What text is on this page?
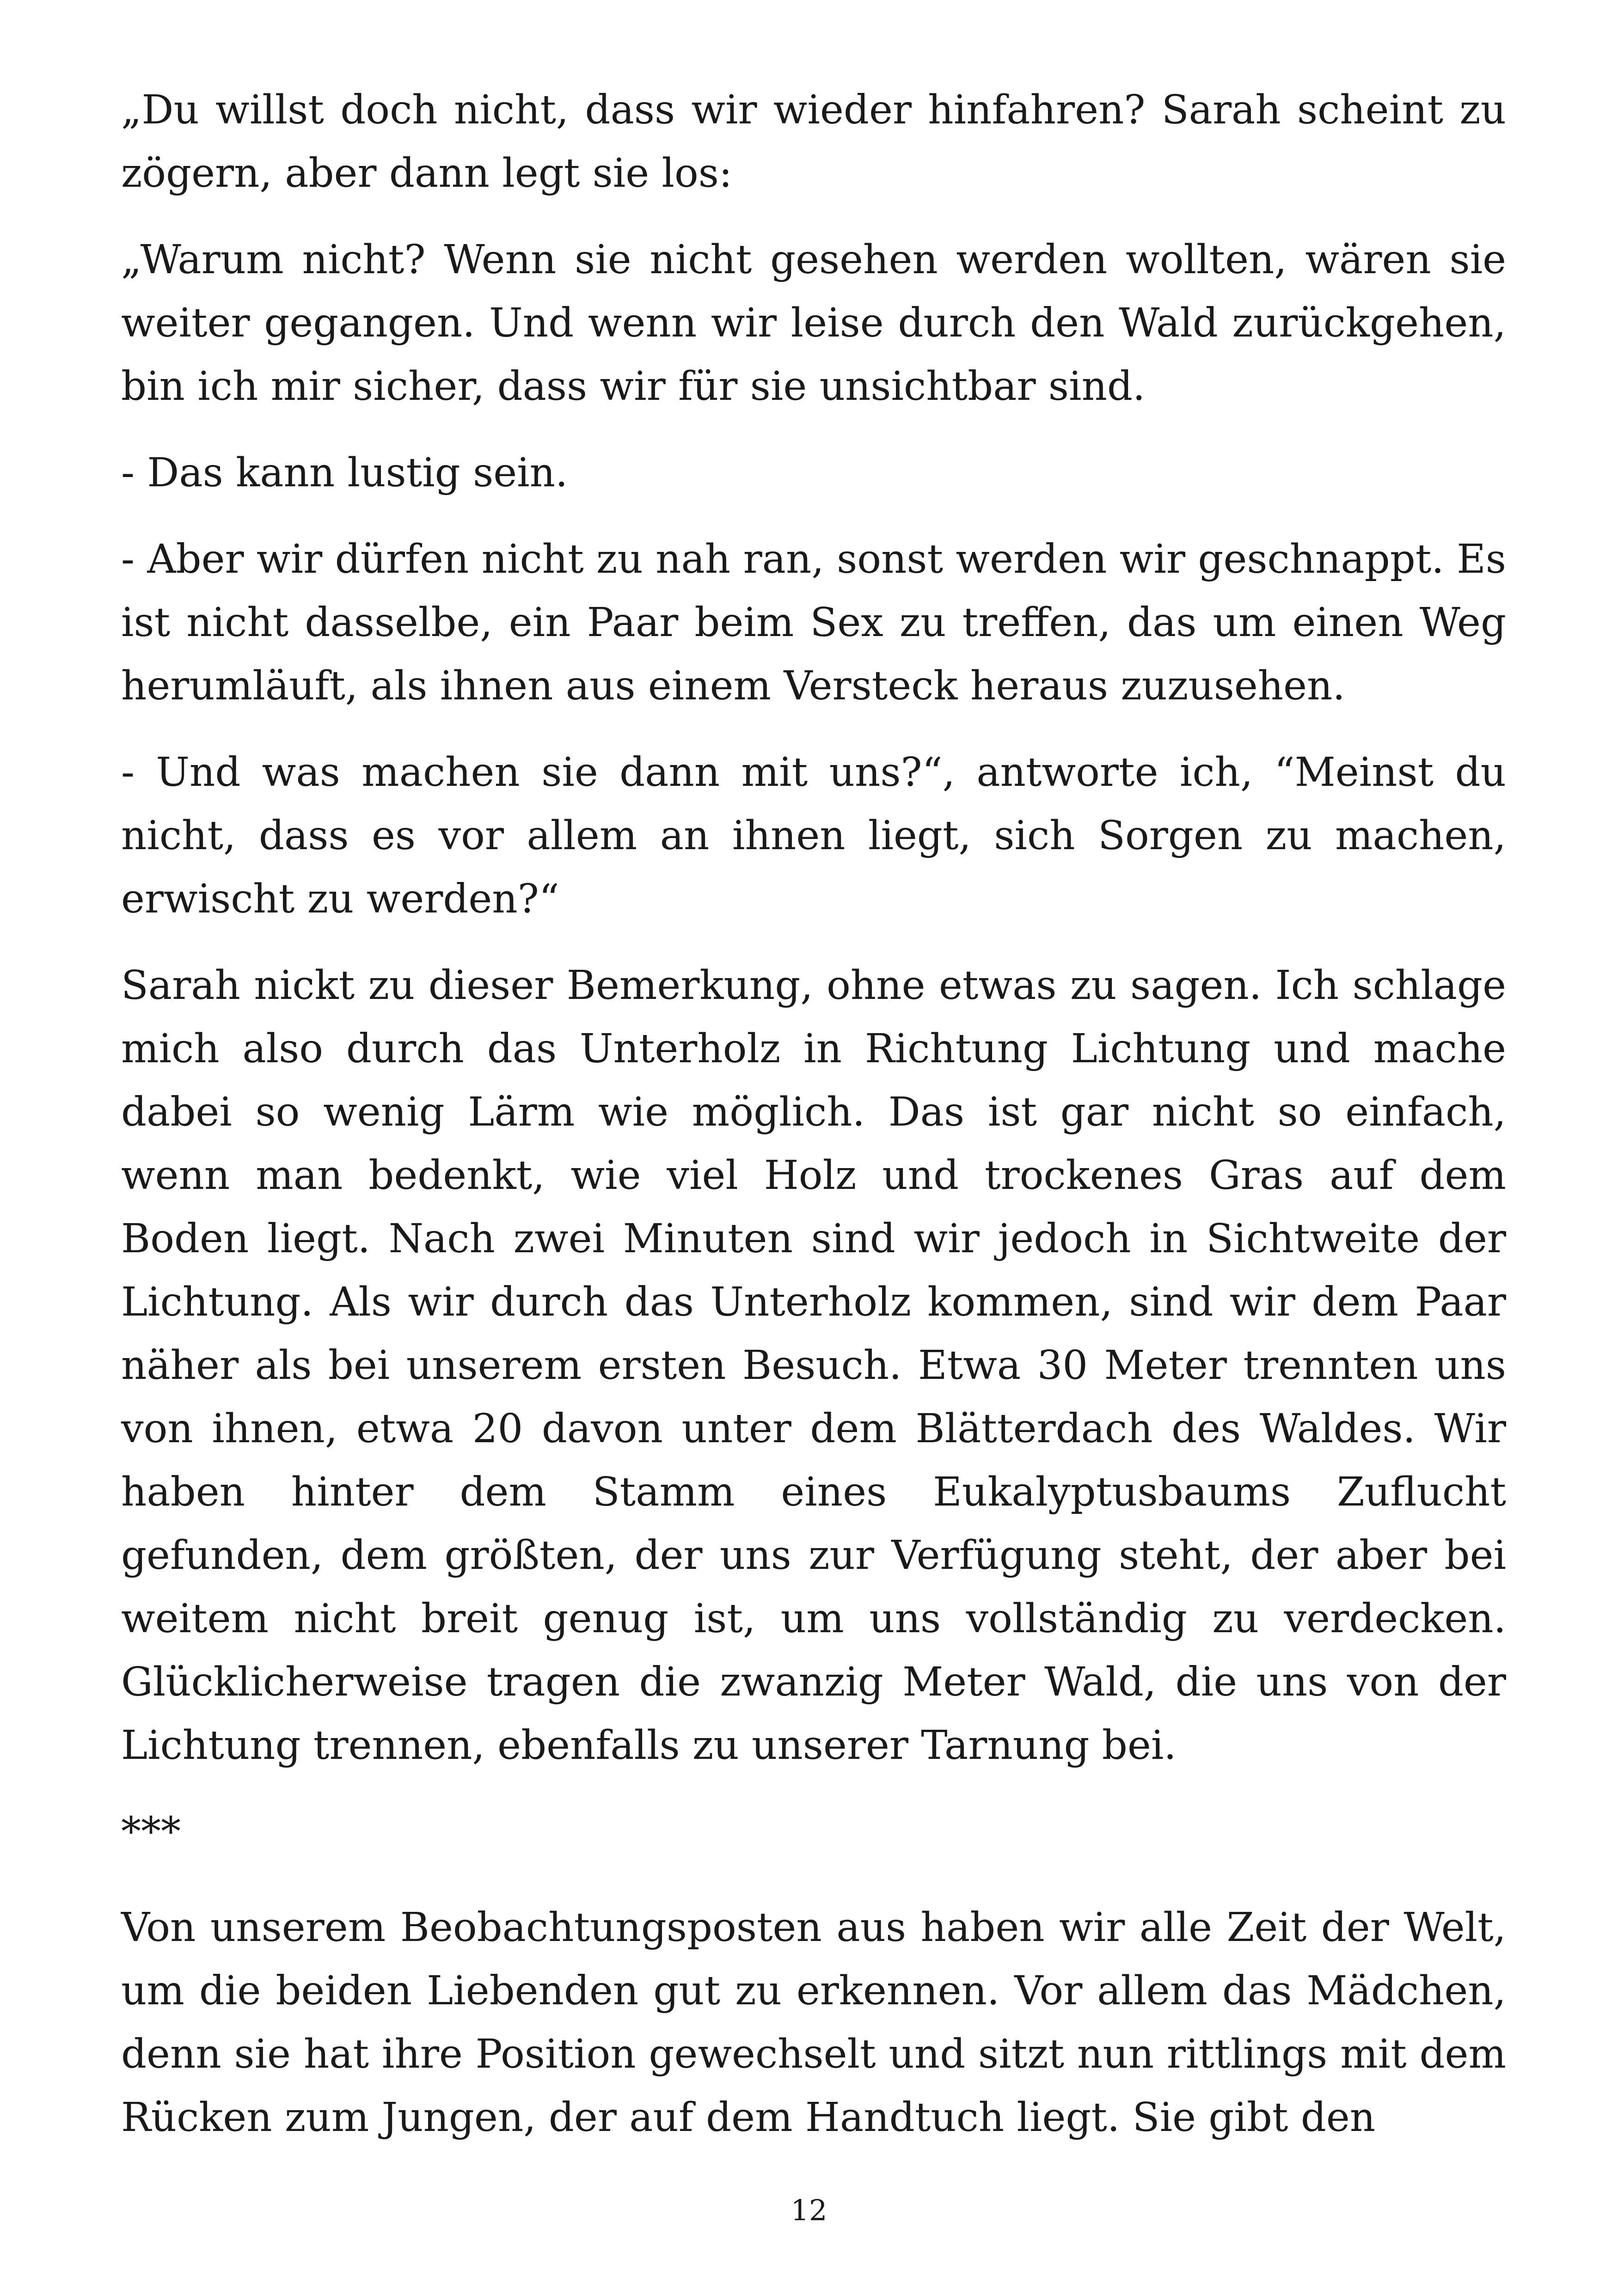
„Du willst doch nicht, dass wir wieder hinfahren? Sarah scheint zu zögern, aber dann legt sie los:

„Warum nicht? Wenn sie nicht gesehen werden wollten, wären sie weiter gegangen. Und wenn wir leise durch den Wald zurückgehen, bin ich mir sicher, dass wir für sie unsichtbar sind.

- Das kann lustig sein.

- Aber wir dürfen nicht zu nah ran, sonst werden wir geschnappt. Es ist nicht dasselbe, ein Paar beim Sex zu treffen, das um einen Weg herumläuft, als ihnen aus einem Versteck heraus zuzusehen.

- Und was machen sie dann mit uns?“, antworte ich, “Meinst du nicht, dass es vor allem an ihnen liegt, sich Sorgen zu machen, erwischt zu werden?“

Sarah nickt zu dieser Bemerkung, ohne etwas zu sagen. Ich schlage mich also durch das Unterholz in Richtung Lichtung und mache dabei so wenig Lärm wie möglich. Das ist gar nicht so einfach, wenn man bedenkt, wie viel Holz und trockenes Gras auf dem Boden liegt. Nach zwei Minuten sind wir jedoch in Sichtweite der Lichtung. Als wir durch das Unterholz kommen, sind wir dem Paar näher als bei unserem ersten Besuch. Etwa 30 Meter trennten uns von ihnen, etwa 20 davon unter dem Blätterdach des Waldes. Wir haben hinter dem Stamm eines Eukalyptusbaums Zuflucht gefunden, dem größten, der uns zur Verfügung steht, der aber bei weitem nicht breit genug ist, um uns vollständig zu verdecken. Glücklicherweise tragen die zwanzig Meter Wald, die uns von der Lichtung trennen, ebenfalls zu unserer Tarnung bei.

***

Von unserem Beobachtungsposten aus haben wir alle Zeit der Welt, um die beiden Liebenden gut zu erkennen. Vor allem das Mädchen, denn sie hat ihre Position gewechselt und sitzt nun rittlings mit dem Rücken zum Jungen, der auf dem Handtuch liegt. Sie gibt den

12
